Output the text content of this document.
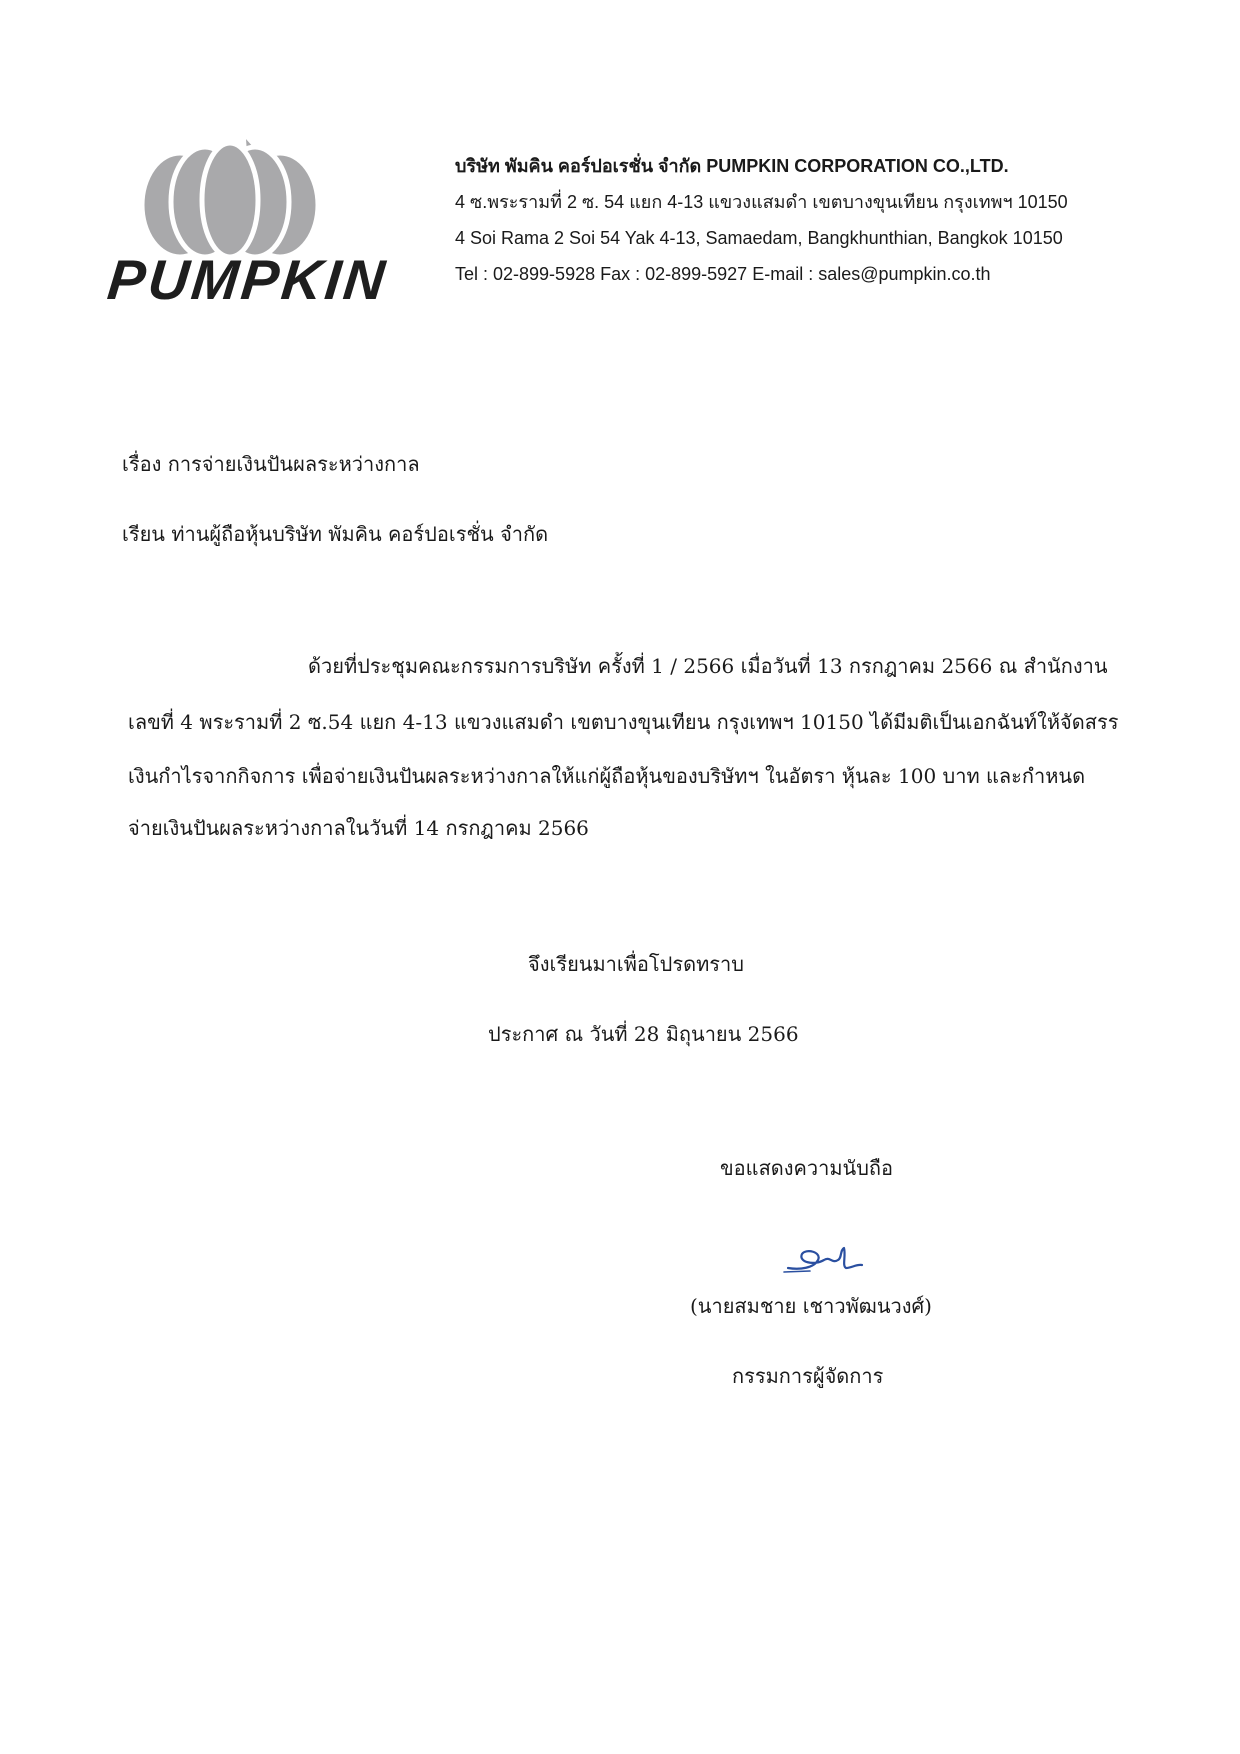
PUMPKIN
บริษัท พัมคิน คอร์ปอเรชั่น จำกัด PUMPKIN CORPORATION CO.,LTD.
4 ซ.พระรามที่ 2 ซ. 54 แยก 4-13 แขวงแสมดำ เขตบางขุนเทียน กรุงเทพฯ 10150
4 Soi Rama 2 Soi 54 Yak 4-13, Samaedam, Bangkhunthian, Bangkok 10150
Tel : 02-899-5928 Fax : 02-899-5927 E-mail : sales@pumpkin.co.th
เรื่อง การจ่ายเงินปันผลระหว่างกาล
เรียน ท่านผู้ถือหุ้นบริษัท พัมคิน คอร์ปอเรชั่น จำกัด
ด้วยที่ประชุมคณะกรรมการบริษัท ครั้งที่ 1 / 2566 เมื่อวันที่ 13 กรกฎาคม 2566 ณ สำนักงาน
เลขที่ 4 พระรามที่ 2 ซ.54 แยก 4-13 แขวงแสมดำ เขตบางขุนเทียน กรุงเทพฯ 10150 ได้มีมติเป็นเอกฉันท์ให้จัดสรร
เงินกำไรจากกิจการ เพื่อจ่ายเงินปันผลระหว่างกาลให้แก่ผู้ถือหุ้นของบริษัทฯ ในอัตรา หุ้นละ 100 บาท และกำหนด
จ่ายเงินปันผลระหว่างกาลในวันที่ 14 กรกฎาคม 2566
จึงเรียนมาเพื่อโปรดทราบ
ประกาศ ณ วันที่ 28 มิถุนายน 2566
ขอแสดงความนับถือ
(นายสมชาย เชาวพัฒนวงศ์)
กรรมการผู้จัดการ
